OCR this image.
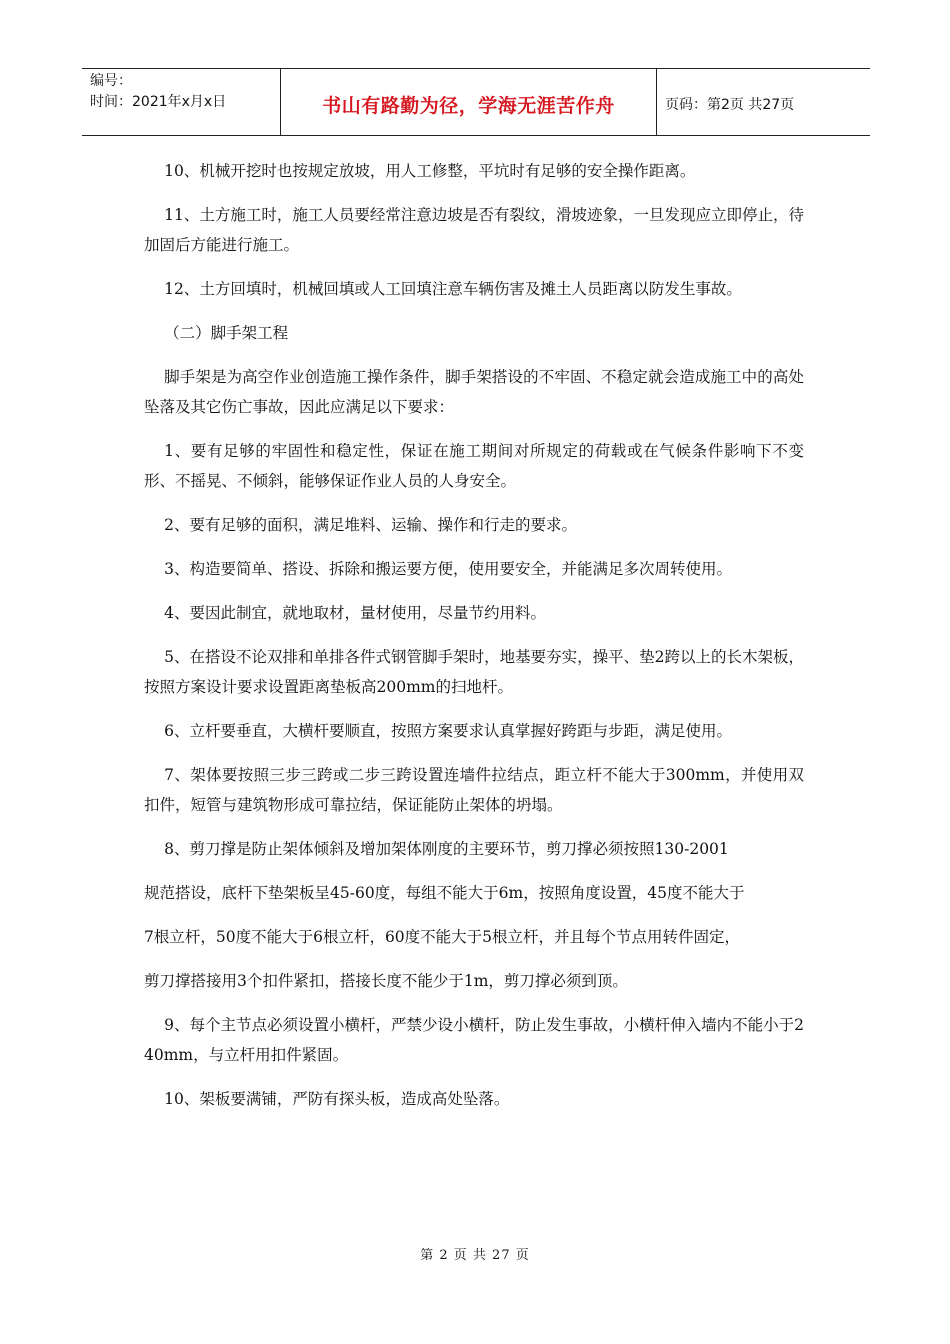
编号：
时间：2021年x月x日	书山有路勤为径，学海无涯苦作舟	页码：第2页 共27页

10、机械开挖时也按规定放坡，用人工修整，平坑时有足够的安全操作距离。

11、土方施工时，施工人员要经常注意边坡是否有裂纹，滑坡迹象，一旦发现应立即停止，待加固后方能进行施工。

12、土方回填时，机械回填或人工回填注意车辆伤害及摊土人员距离以防发生事故。

（二）脚手架工程

脚手架是为高空作业创造施工操作条件，脚手架搭设的不牢固、不稳定就会造成施工中的高处坠落及其它伤亡事故，因此应满足以下要求：

1、要有足够的牢固性和稳定性，保证在施工期间对所规定的荷载或在气候条件影响下不变形、不摇晃、不倾斜，能够保证作业人员的人身安全。

2、要有足够的面积，满足堆料、运输、操作和行走的要求。

3、构造要简单、搭设、拆除和搬运要方便，使用要安全，并能满足多次周转使用。

4、要因此制宜，就地取材，量材使用，尽量节约用料。

5、在搭设不论双排和单排各件式钢管脚手架时，地基要夯实，操平、垫2跨以上的长木架板，按照方案设计要求设置距离垫板高200mm的扫地杆。

6、立杆要垂直，大横杆要顺直，按照方案要求认真掌握好跨距与步距，满足使用。

7、架体要按照三步三跨或二步三跨设置连墙件拉结点，距立杆不能大于300mm，并使用双扣件，短管与建筑物形成可靠拉结，保证能防止架体的坍塌。

8、剪刀撑是防止架体倾斜及增加架体刚度的主要环节，剪刀撑必须按照130-2001

规范搭设，底杆下垫架板呈45-60度，每组不能大于6m，按照角度设置，45度不能大于

7根立杆，50度不能大于6根立杆，60度不能大于5根立杆，并且每个节点用转件固定，

剪刀撑搭接用3个扣件紧扣，搭接长度不能少于1m，剪刀撑必须到顶。

9、每个主节点必须设置小横杆，严禁少设小横杆，防止发生事故，小横杆伸入墙内不能小于240mm，与立杆用扣件紧固。

10、架板要满铺，严防有探头板，造成高处坠落。

第 2 页 共 27 页
